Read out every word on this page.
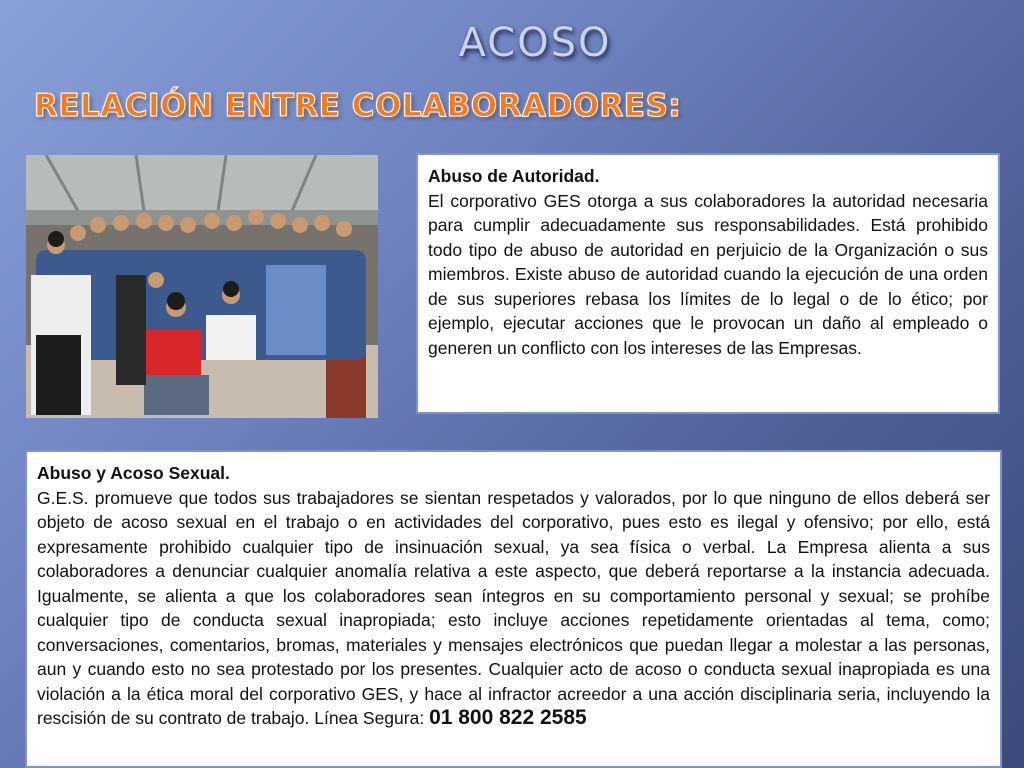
ACOSO
RELACIÓN ENTRE COLABORADORES:
Abuso de Autoridad.
El corporativo GES otorga a sus colaboradores la autoridad necesaria para cumplir adecuadamente sus responsabilidades. Está prohibido todo tipo de abuso de autoridad en perjuicio de la Organización o sus miembros. Existe abuso de autoridad cuando la ejecución de una orden de sus superiores rebasa los límites de lo legal o de lo ético; por ejemplo, ejecutar acciones que le provocan un daño al empleado o generen un conflicto con los intereses de las Empresas.
Abuso y Acoso Sexual.
G.E.S. promueve que todos sus trabajadores se sientan respetados y valorados, por lo que ninguno de ellos deberá ser objeto de acoso sexual en el trabajo o en actividades del corporativo, pues esto es ilegal y ofensivo; por ello, está expresamente prohibido cualquier tipo de insinuación sexual, ya sea física o verbal. La Empresa alienta a sus colaboradores a denunciar cualquier anomalía relativa a este aspecto, que deberá reportarse a la instancia adecuada. Igualmente, se alienta a que los colaboradores sean íntegros en su comportamiento personal y sexual; se prohíbe cualquier tipo de conducta sexual inapropiada; esto incluye acciones repetidamente orientadas al tema, como; conversaciones, comentarios, bromas, materiales y mensajes electrónicos que puedan llegar a molestar a las personas, aun y cuando esto no sea protestado por los presentes. Cualquier acto de acoso o conducta sexual inapropiada es una violación a la ética moral del corporativo GES, y hace al infractor acreedor a una acción disciplinaria seria, incluyendo la rescisión de su contrato de trabajo. Línea Segura: 01 800 822 2585
